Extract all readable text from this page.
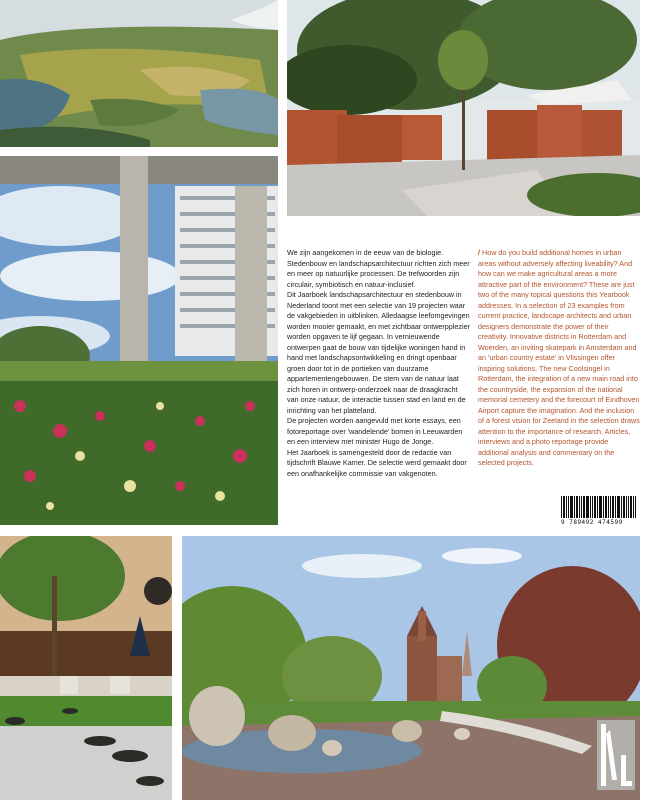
We zijn aangekomen in de eeuw van de biologie. Stedenbouw en landschapsarchitectuur richten zich meer en meer op natuurlijke processen. De trefwoorden zijn circulair, symbiotisch en natuur-inclusief.

Dit Jaarboek landschapsarchitectuur en stedenbouw in Nederland toont met een selectie van 19 projecten waar de vakgebieden in uitblinken. Alledaagse leefomgevingen worden mooier gemaakt, en met zichtbaar ontwerpplezier worden opgaven te lijf gegaan. In vernieuwende ontwerpen gaat de bouw van tijdelijke woningen hand in hand met landschapsontwikkeling en dringt openbaar groen door tot in de portieken van duurzame appartementengebouwen. De stem van de natuur laat zich horen in ontwerp-onderzoek naar de draagkracht van onze natuur, de interactie tussen stad en land en de inrichting van het platteland.

De projecten worden aangevuld met korte essays, een fotoreportage over 'wandelende' bomen in Leeuwarden en een interview met minister Hugo de Jonge.

Het Jaarboek is samengesteld door de redactie van tijdschrift Blauwe Kamer. De selectie werd gemaakt door een onafhankelijke commissie van vakgenoten.

/ How do you build additional homes in urban areas without adversely affecting liveability? And how can we make agricultural areas a more attractive part of the environment? These are just two of the many topical questions this Yearbook addresses. In a selection of 23 examples from current practice, landscape architects and urban designers demonstrate the power of their creativity. Innovative districts in Rotterdam and Woerden, an inviting skatepark in Amsterdam and an 'urban country estate' in Vlissingen offer inspiring solutions. The new Coolsingel in Rotterdam, the integration of a new main road into the countryside, the expansion of the national memorial cemetery and the forecourt of Eindhoven Airport capture the imagination. And the inclusion of a forest vision for Zeeland in the selection draws attention to the importance of research. Articles, interviews and a photo reportage provide additional analysis and commentary on the selected projects.
9 789492 474599
